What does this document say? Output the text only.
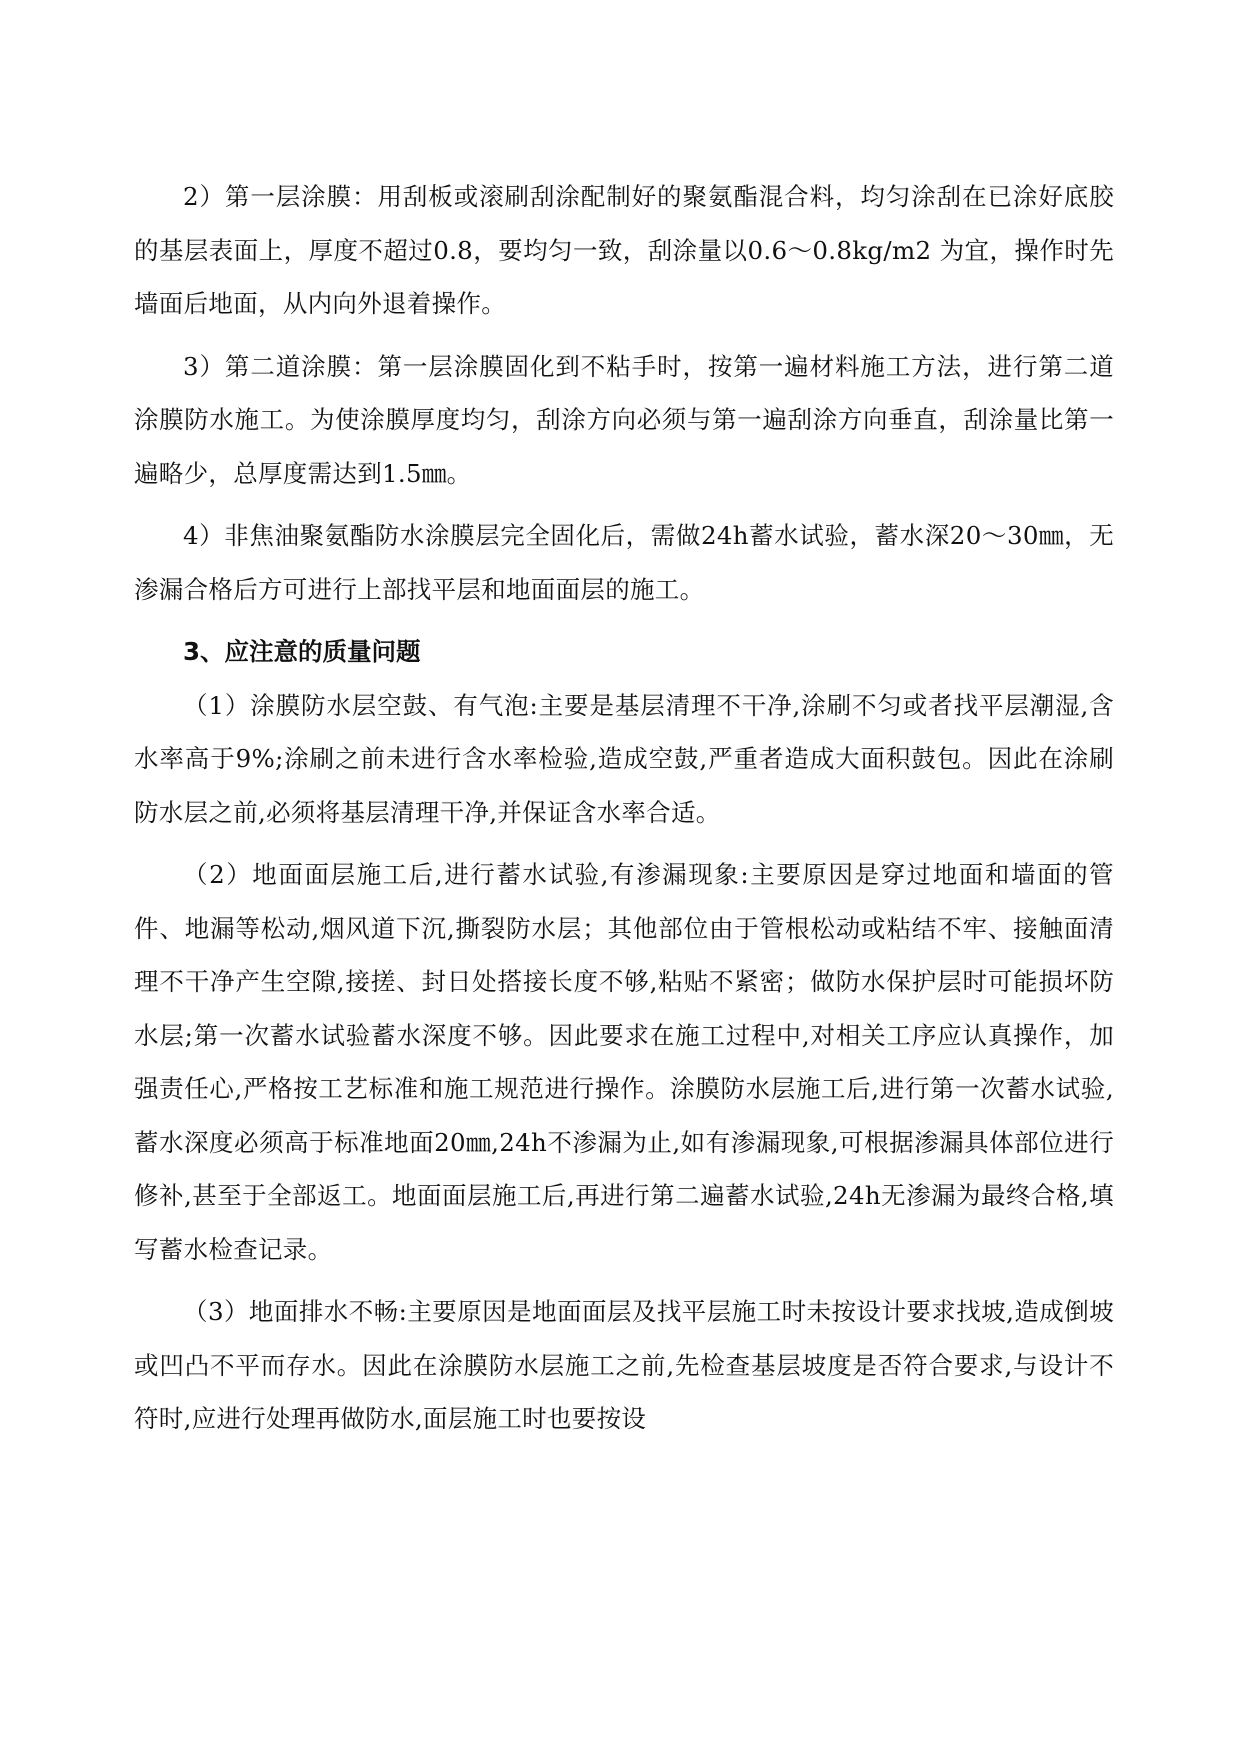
2）第一层涂膜：用刮板或滚刷刮涂配制好的聚氨酯混合料，均匀涂刮在已涂好底胶的基层表面上，厚度不超过0.8，要均匀一致，刮涂量以0.6～0.8kg/m2 为宜，操作时先墙面后地面，从内向外退着操作。

3）第二道涂膜：第一层涂膜固化到不粘手时，按第一遍材料施工方法，进行第二道涂膜防水施工。为使涂膜厚度均匀，刮涂方向必须与第一遍刮涂方向垂直，刮涂量比第一遍略少，总厚度需达到1.5㎜。

4）非焦油聚氨酯防水涂膜层完全固化后，需做24h蓄水试验，蓄水深20～30㎜，无渗漏合格后方可进行上部找平层和地面面层的施工。

3、应注意的质量问题

（1）涂膜防水层空鼓、有气泡:主要是基层清理不干净,涂刷不匀或者找平层潮湿,含水率高于9%;涂刷之前未进行含水率检验,造成空鼓,严重者造成大面积鼓包。因此在涂刷防水层之前,必须将基层清理干净,并保证含水率合适。

（2）地面面层施工后,进行蓄水试验,有渗漏现象:主要原因是穿过地面和墙面的管件、地漏等松动,烟风道下沉,撕裂防水层；其他部位由于管根松动或粘结不牢、接触面清理不干净产生空隙,接搓、封日处搭接长度不够,粘贴不紧密；做防水保护层时可能损坏防水层;第一次蓄水试验蓄水深度不够。因此要求在施工过程中,对相关工序应认真操作，加强责任心,严格按工艺标准和施工规范进行操作。涂膜防水层施工后,进行第一次蓄水试验,蓄水深度必须高于标准地面20㎜,24h不渗漏为止,如有渗漏现象,可根据渗漏具体部位进行修补,甚至于全部返工。地面面层施工后,再进行第二遍蓄水试验,24h无渗漏为最终合格,填写蓄水检查记录。

（3）地面排水不畅:主要原因是地面面层及找平层施工时未按设计要求找坡,造成倒坡或凹凸不平而存水。因此在涂膜防水层施工之前,先检查基层坡度是否符合要求,与设计不符时,应进行处理再做防水,面层施工时也要按设
